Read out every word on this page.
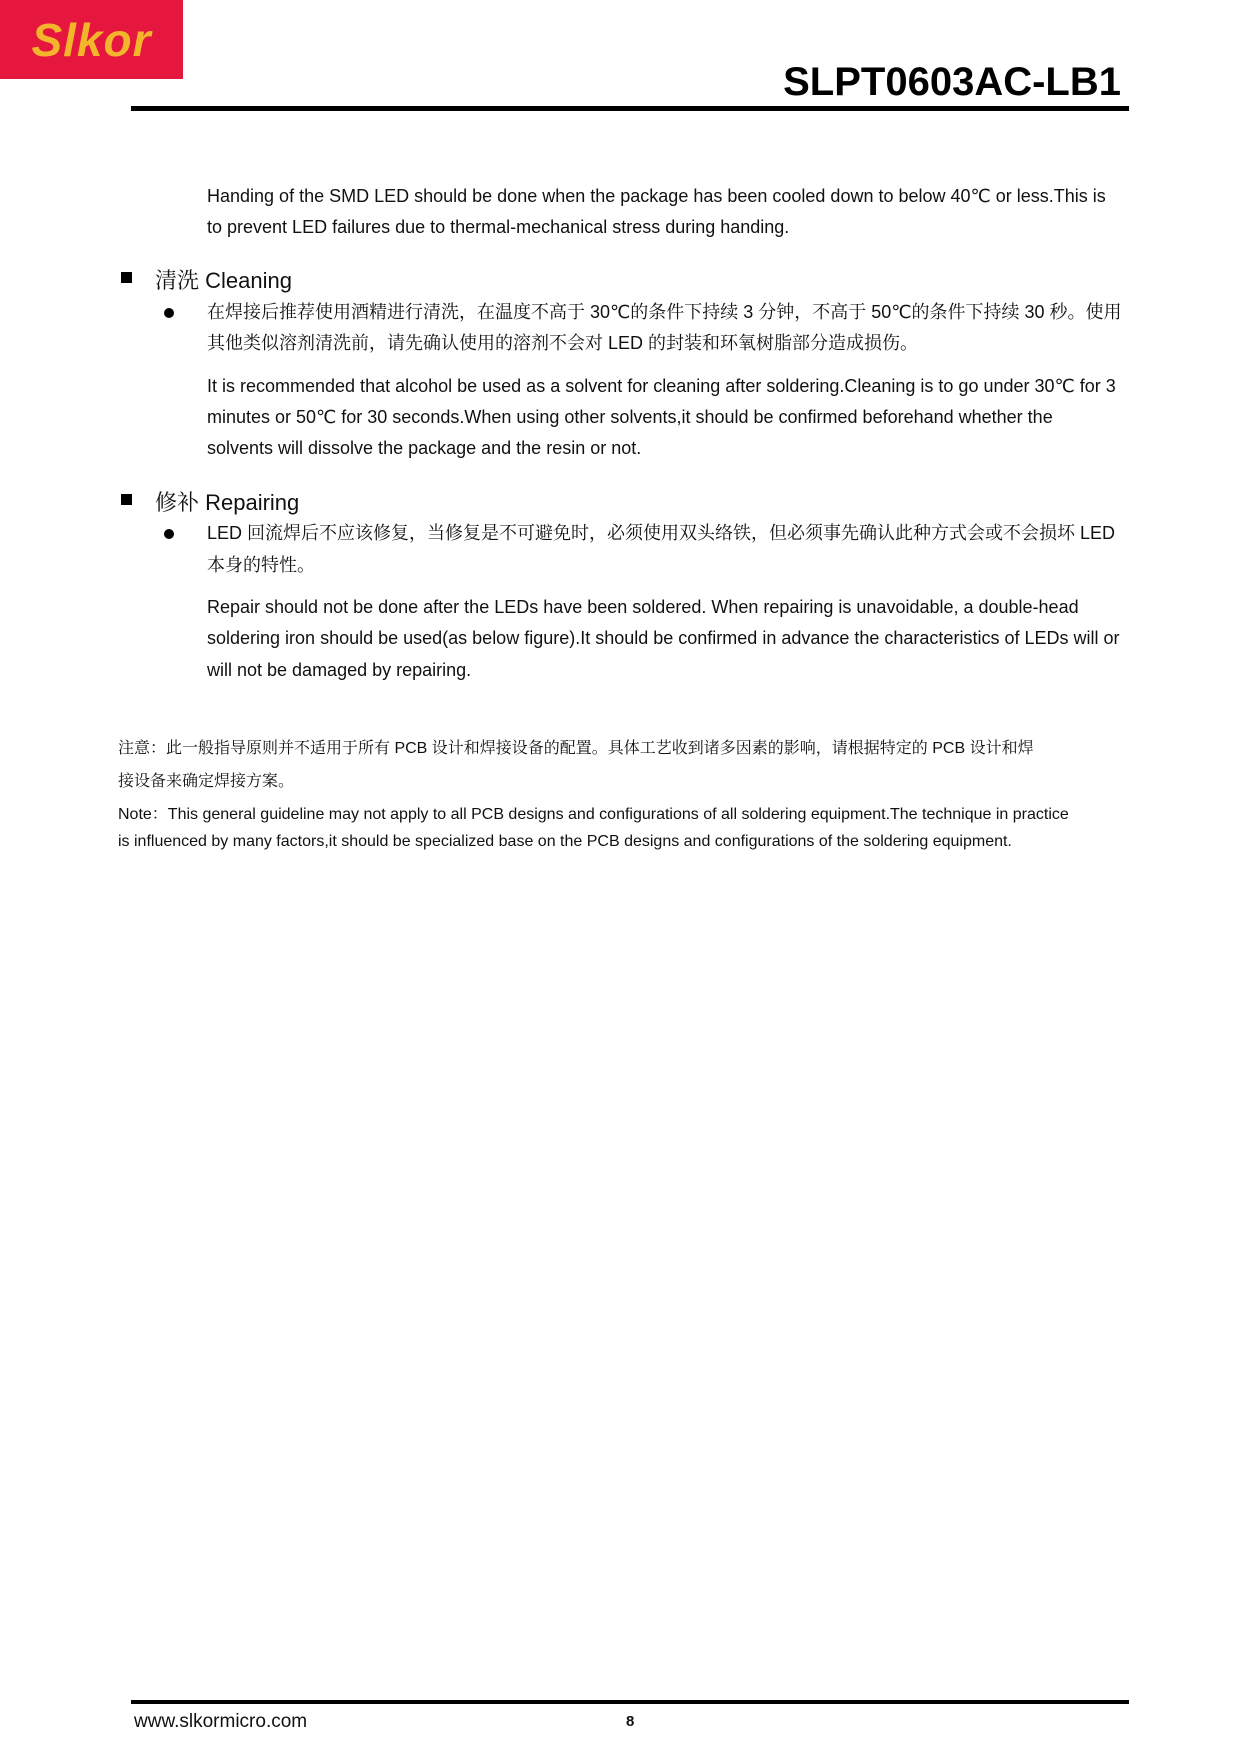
Slkor
SLPT0603AC-LB1
Handing of the SMD LED should be done when the package has been cooled down to below 40℃ or less.This is
to prevent LED failures due to thermal-mechanical stress during handing.
清洗 Cleaning
在焊接后推荐使用酒精进行清洗，在温度不高于 30℃的条件下持续 3 分钟，不高于 50℃的条件下持续 30 秒。使用
其他类似溶剂清洗前，请先确认使用的溶剂不会对 LED 的封装和环氧树脂部分造成损伤。
It is recommended that alcohol be used as a solvent for cleaning after soldering.Cleaning is to go under 30℃ for 3
minutes or 50℃ for 30 seconds.When using other solvents,it should be confirmed beforehand whether the
solvents will dissolve the package and the resin or not.
修补 Repairing
LED 回流焊后不应该修复，当修复是不可避免时，必须使用双头络铁，但必须事先确认此种方式会或不会损坏 LED
本身的特性。
Repair should not be done after the LEDs have been soldered. When repairing is unavoidable, a double-head
soldering iron should be used(as below figure).It should be confirmed in advance the characteristics of LEDs will or
will not be damaged by repairing.
注意：此一般指导原则并不适用于所有 PCB 设计和焊接设备的配置。具体工艺收到诸多因素的影响，请根据特定的 PCB 设计和焊
接设备来确定焊接方案。
Note：This general guideline may not apply to all PCB designs and configurations of all soldering equipment.The technique in practice
is influenced by many factors,it should be specialized base on the PCB designs and configurations of the soldering equipment.
www.slkormicro.com	8
